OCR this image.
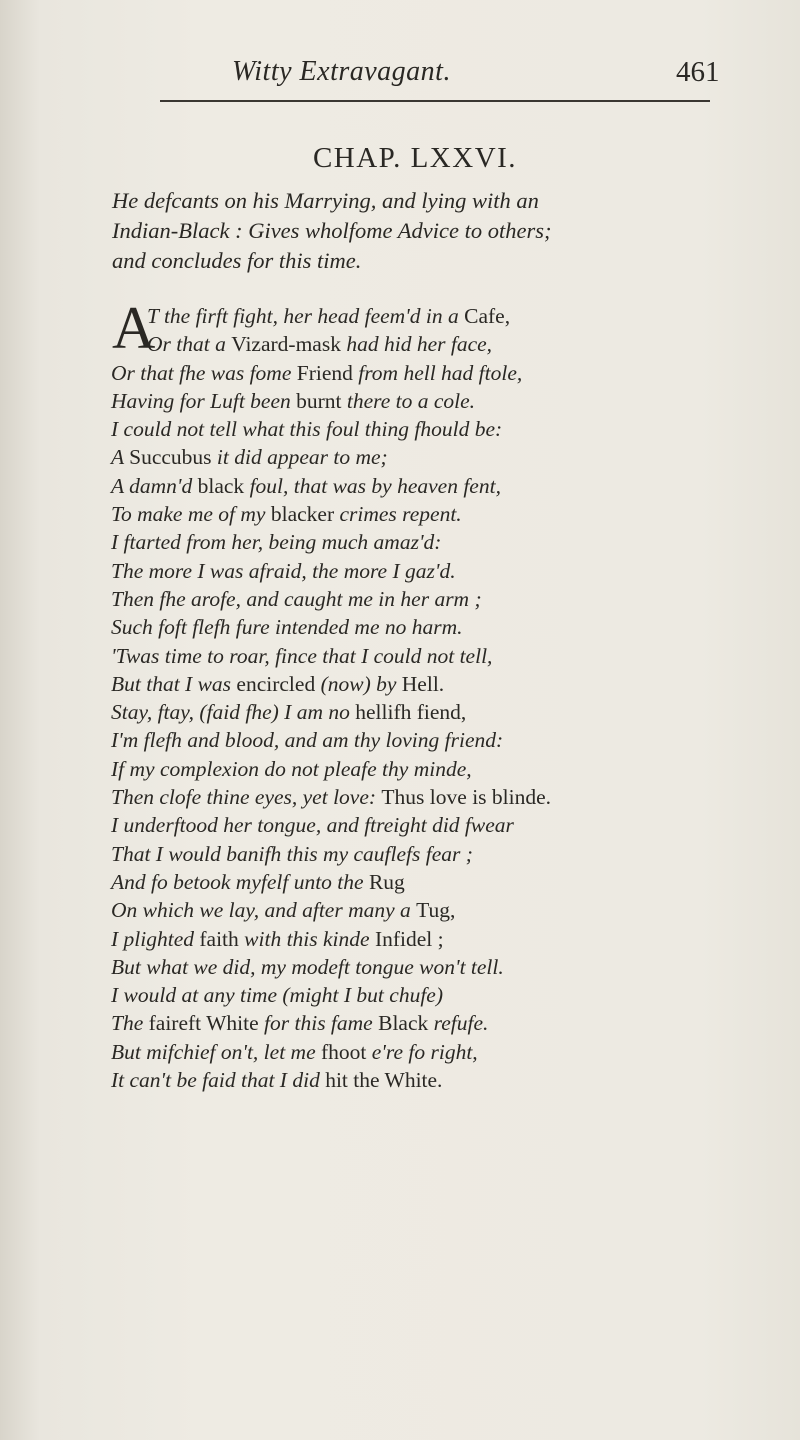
Witty Extravagant.	461
CHAP. LXXVI.
He defcants on his Marrying, and lying with an
Indian-Black : Gives wholfome Advice to others;
and concludes for this time.
A
T the firft fight, her head feem'd in a Cafe,
Or that a Vizard-mask had hid her face,
Or that fhe was fome Friend from hell had ftole,
Having for Luft been burnt there to a cole.
I could not tell what this foul thing fhould be:
A Succubus it did appear to me;
A damn'd black foul, that was by heaven fent,
To make me of my blacker crimes repent.
I ftarted from her, being much amaz'd:
The more I was afraid, the more I gaz'd.
Then fhe arofe, and caught me in her arm ;
Such foft flefh fure intended me no harm.
'Twas time to roar, fince that I could not tell,
But that I was encircled (now) by Hell.
Stay, ftay, (faid fhe) I am no hellifh fiend,
I'm flefh and blood, and am thy loving friend:
If my complexion do not pleafe thy minde,
Then clofe thine eyes, yet love: Thus love is blinde.
I underftood her tongue, and ftreight did fwear
That I would banifh this my cauflefs fear ;
And fo betook myfelf unto the Rug
On which we lay, and after many a Tug,
I plighted faith with this kinde Infidel ;
But what we did, my modeft tongue won't tell.
I would at any time (might I but chufe)
The faireft White for this fame Black refufe.
But mifchief on't, let me fhoot e're fo right,
It can't be faid that I did hit the White.
